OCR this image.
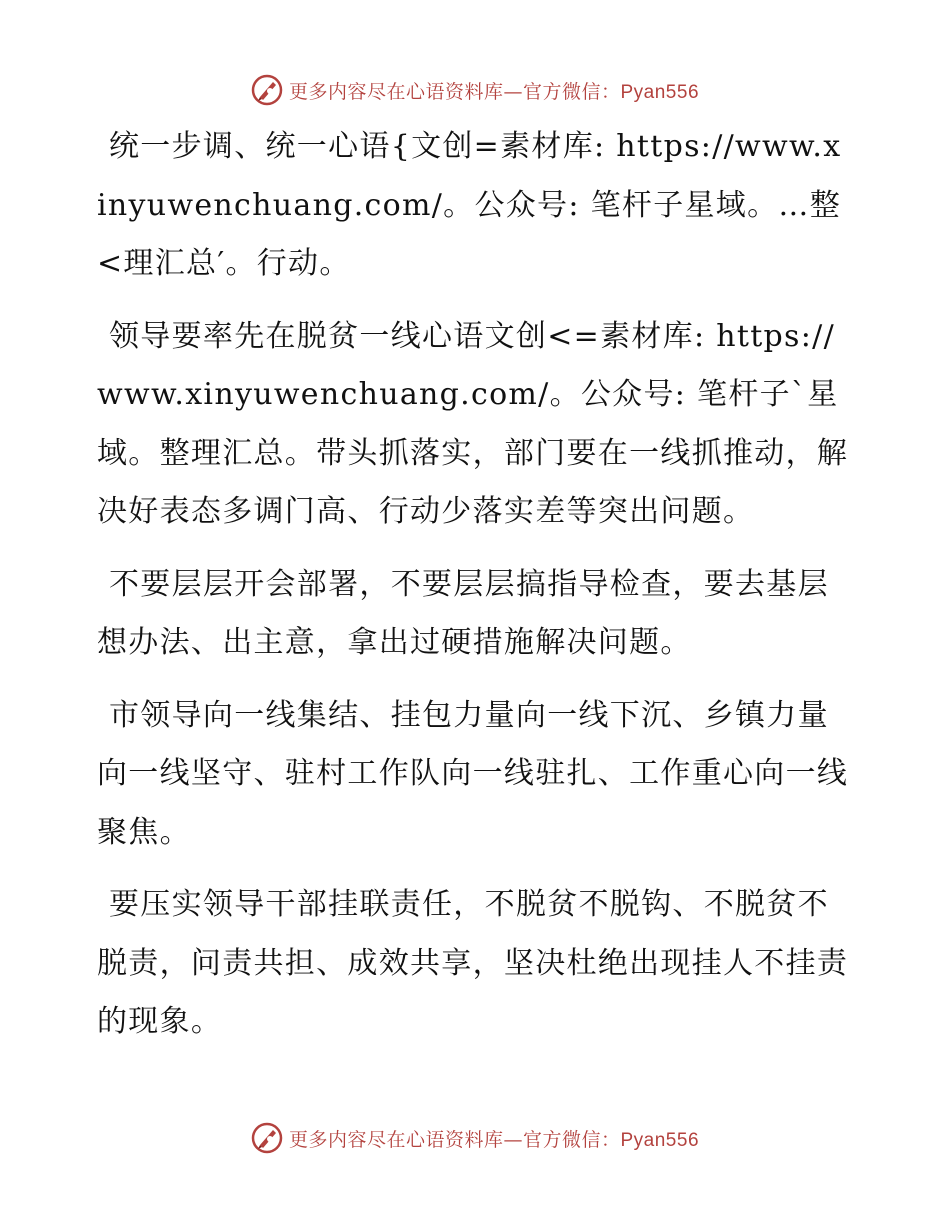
更多内容尽在心语资料库—官方微信：Pyan556

统一步调、统一心语{文创=素材库: https://www.xinyuwenchuang.com/。公众号: 笔杆子星域。…整<理汇总′。行动。

领导要率先在脱贫一线心语文创<=素材库: https://www.xinyuwenchuang.com/。公众号: 笔杆子`星域。整理汇总。带头抓落实，部门要在一线抓推动，解决好表态多调门高、行动少落实差等突出问题。

不要层层开会部署，不要层层搞指导检查，要去基层想办法、出主意，拿出过硬措施解决问题。

市领导向一线集结、挂包力量向一线下沉、乡镇力量向一线坚守、驻村工作队向一线驻扎、工作重心向一线聚焦。

要压实领导干部挂联责任，不脱贫不脱钩、不脱贫不脱责，问责共担、成效共享，坚决杜绝出现挂人不挂责的现象。

更多内容尽在心语资料库—官方微信：Pyan556
